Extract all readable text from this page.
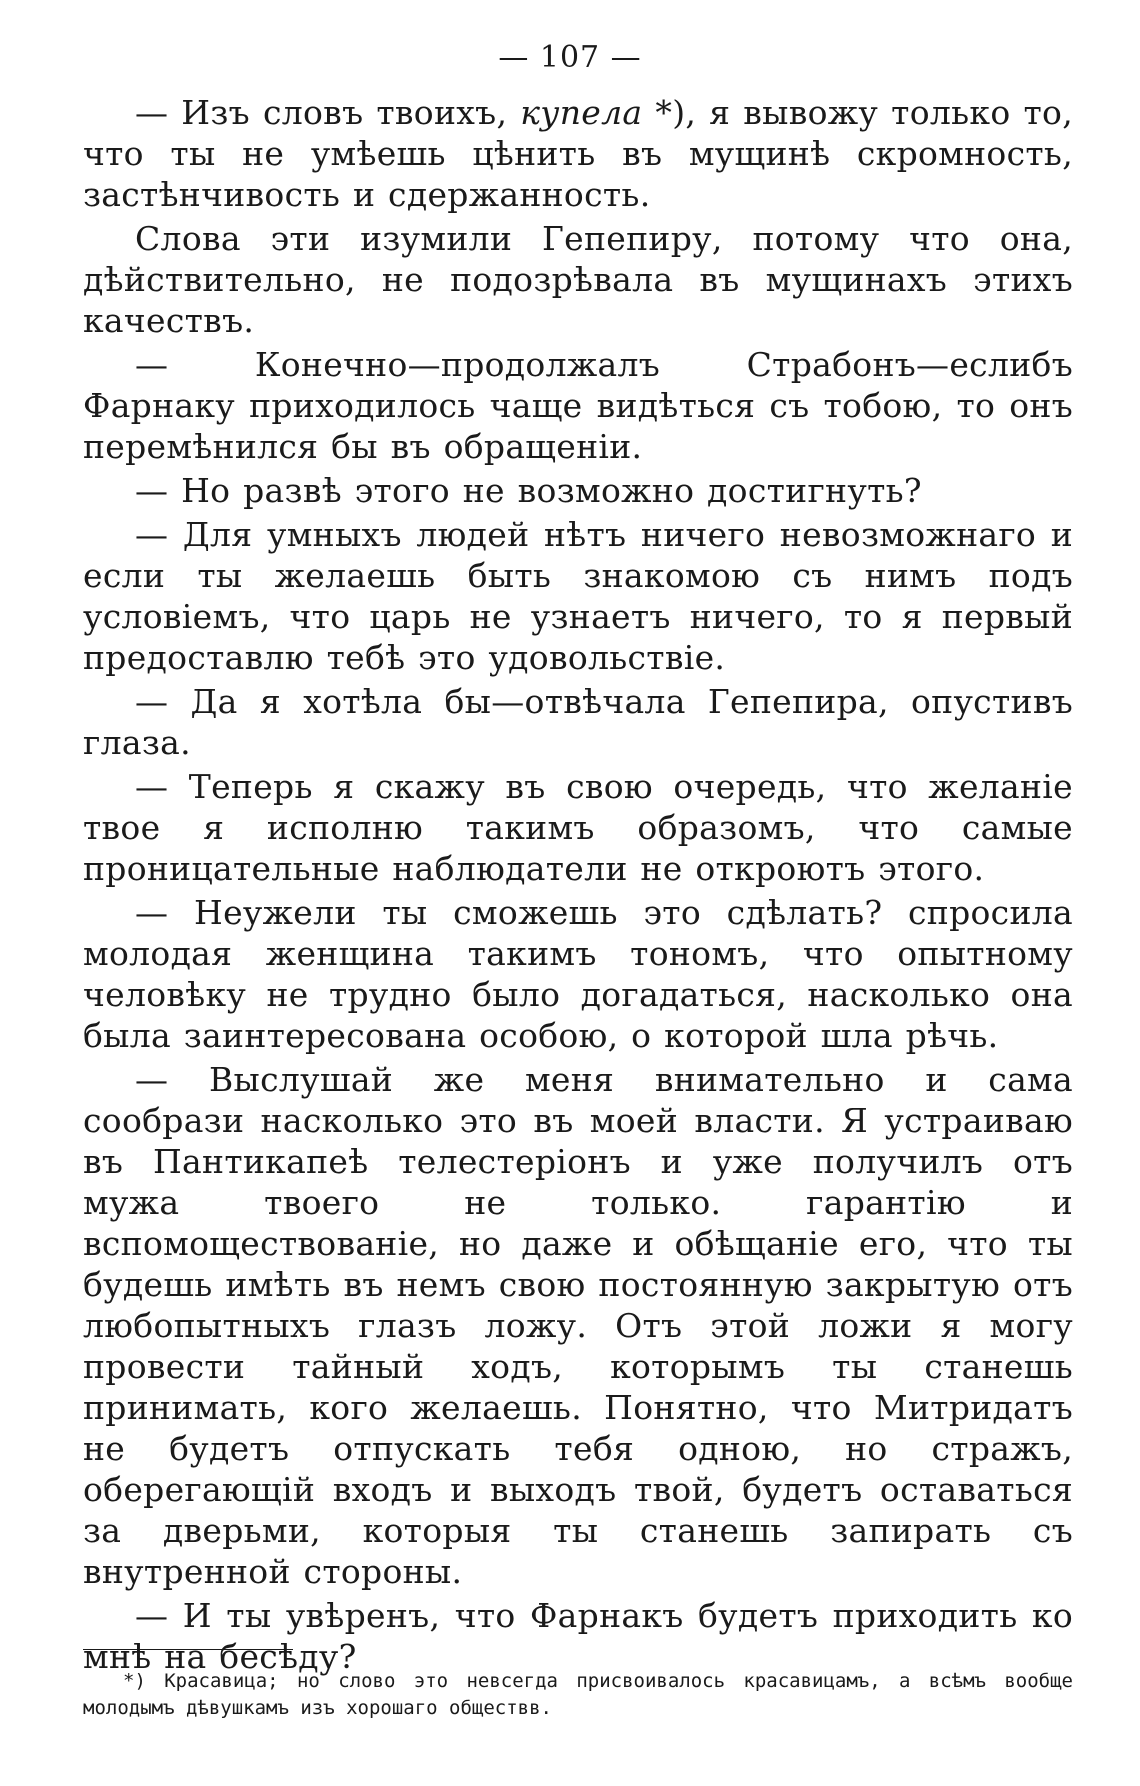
— 107 —

— Изъ словъ твоихъ, купела *), я вывожу только то, что ты не умѣешь цѣнить въ мущинѣ скромность, застѣнчивость и сдержанность.

Слова эти изумили Гепепиру, потому что она, дѣйствительно, не подозрѣвала въ мущинахъ этихъ качествъ.

— Конечно—продолжалъ Страбонъ—еслибъ Фарнаку приходилось чаще видѣться съ тобою, то онъ перемѣнился бы въ обращенiи.

— Но развѣ этого не возможно достигнуть?

— Для умныхъ людей нѣтъ ничего невозможнаго и если ты желаешь быть знакомою съ нимъ подъ условiемъ, что царь не узнаетъ ничего, то я первый предоставлю тебѣ это удовольствiе.

— Да я хотѣла бы—отвѣчала Гепепира, опустивъ глаза.

— Теперь я скажу въ свою очередь, что желанiе твое я исполню такимъ образомъ, что самые проницательные наблюдатели не откроютъ этого.

— Неужели ты сможешь это сдѣлать? спросила молодая женщина такимъ тономъ, что опытному человѣку не трудно было догадаться, насколько она была заинтересована особою, о которой шла рѣчь.

— Выслушай же меня внимательно и сама сообрази насколько это въ моей власти. Я устраиваю въ Пантикапеѣ телестерiонъ и уже получилъ отъ мужа твоего не только. гарантiю и вспомоществованiе, но даже и обѣщанiе его, что ты будешь имѣть въ немъ свою постоянную закрытую отъ любопытныхъ глазъ ложу. Отъ этой ложи я могу провести тайный ходъ, которымъ ты станешь принимать, кого желаешь. Понятно, что Митридатъ не будетъ отпускать тебя одною, но стражъ, оберегающiй входъ и выходъ твой, будетъ оставаться за дверьми, которыя ты станешь запирать съ внутренной стороны.

— И ты увѣренъ, что Фарнакъ будетъ приходить ко мнѣ на бесѣду?

*) Красавица; но слово это невсегда присвоивалось красавицамъ, а всѣмъ вообще молодымъ дѣвушкамъ изъ хорошаго обществв.
